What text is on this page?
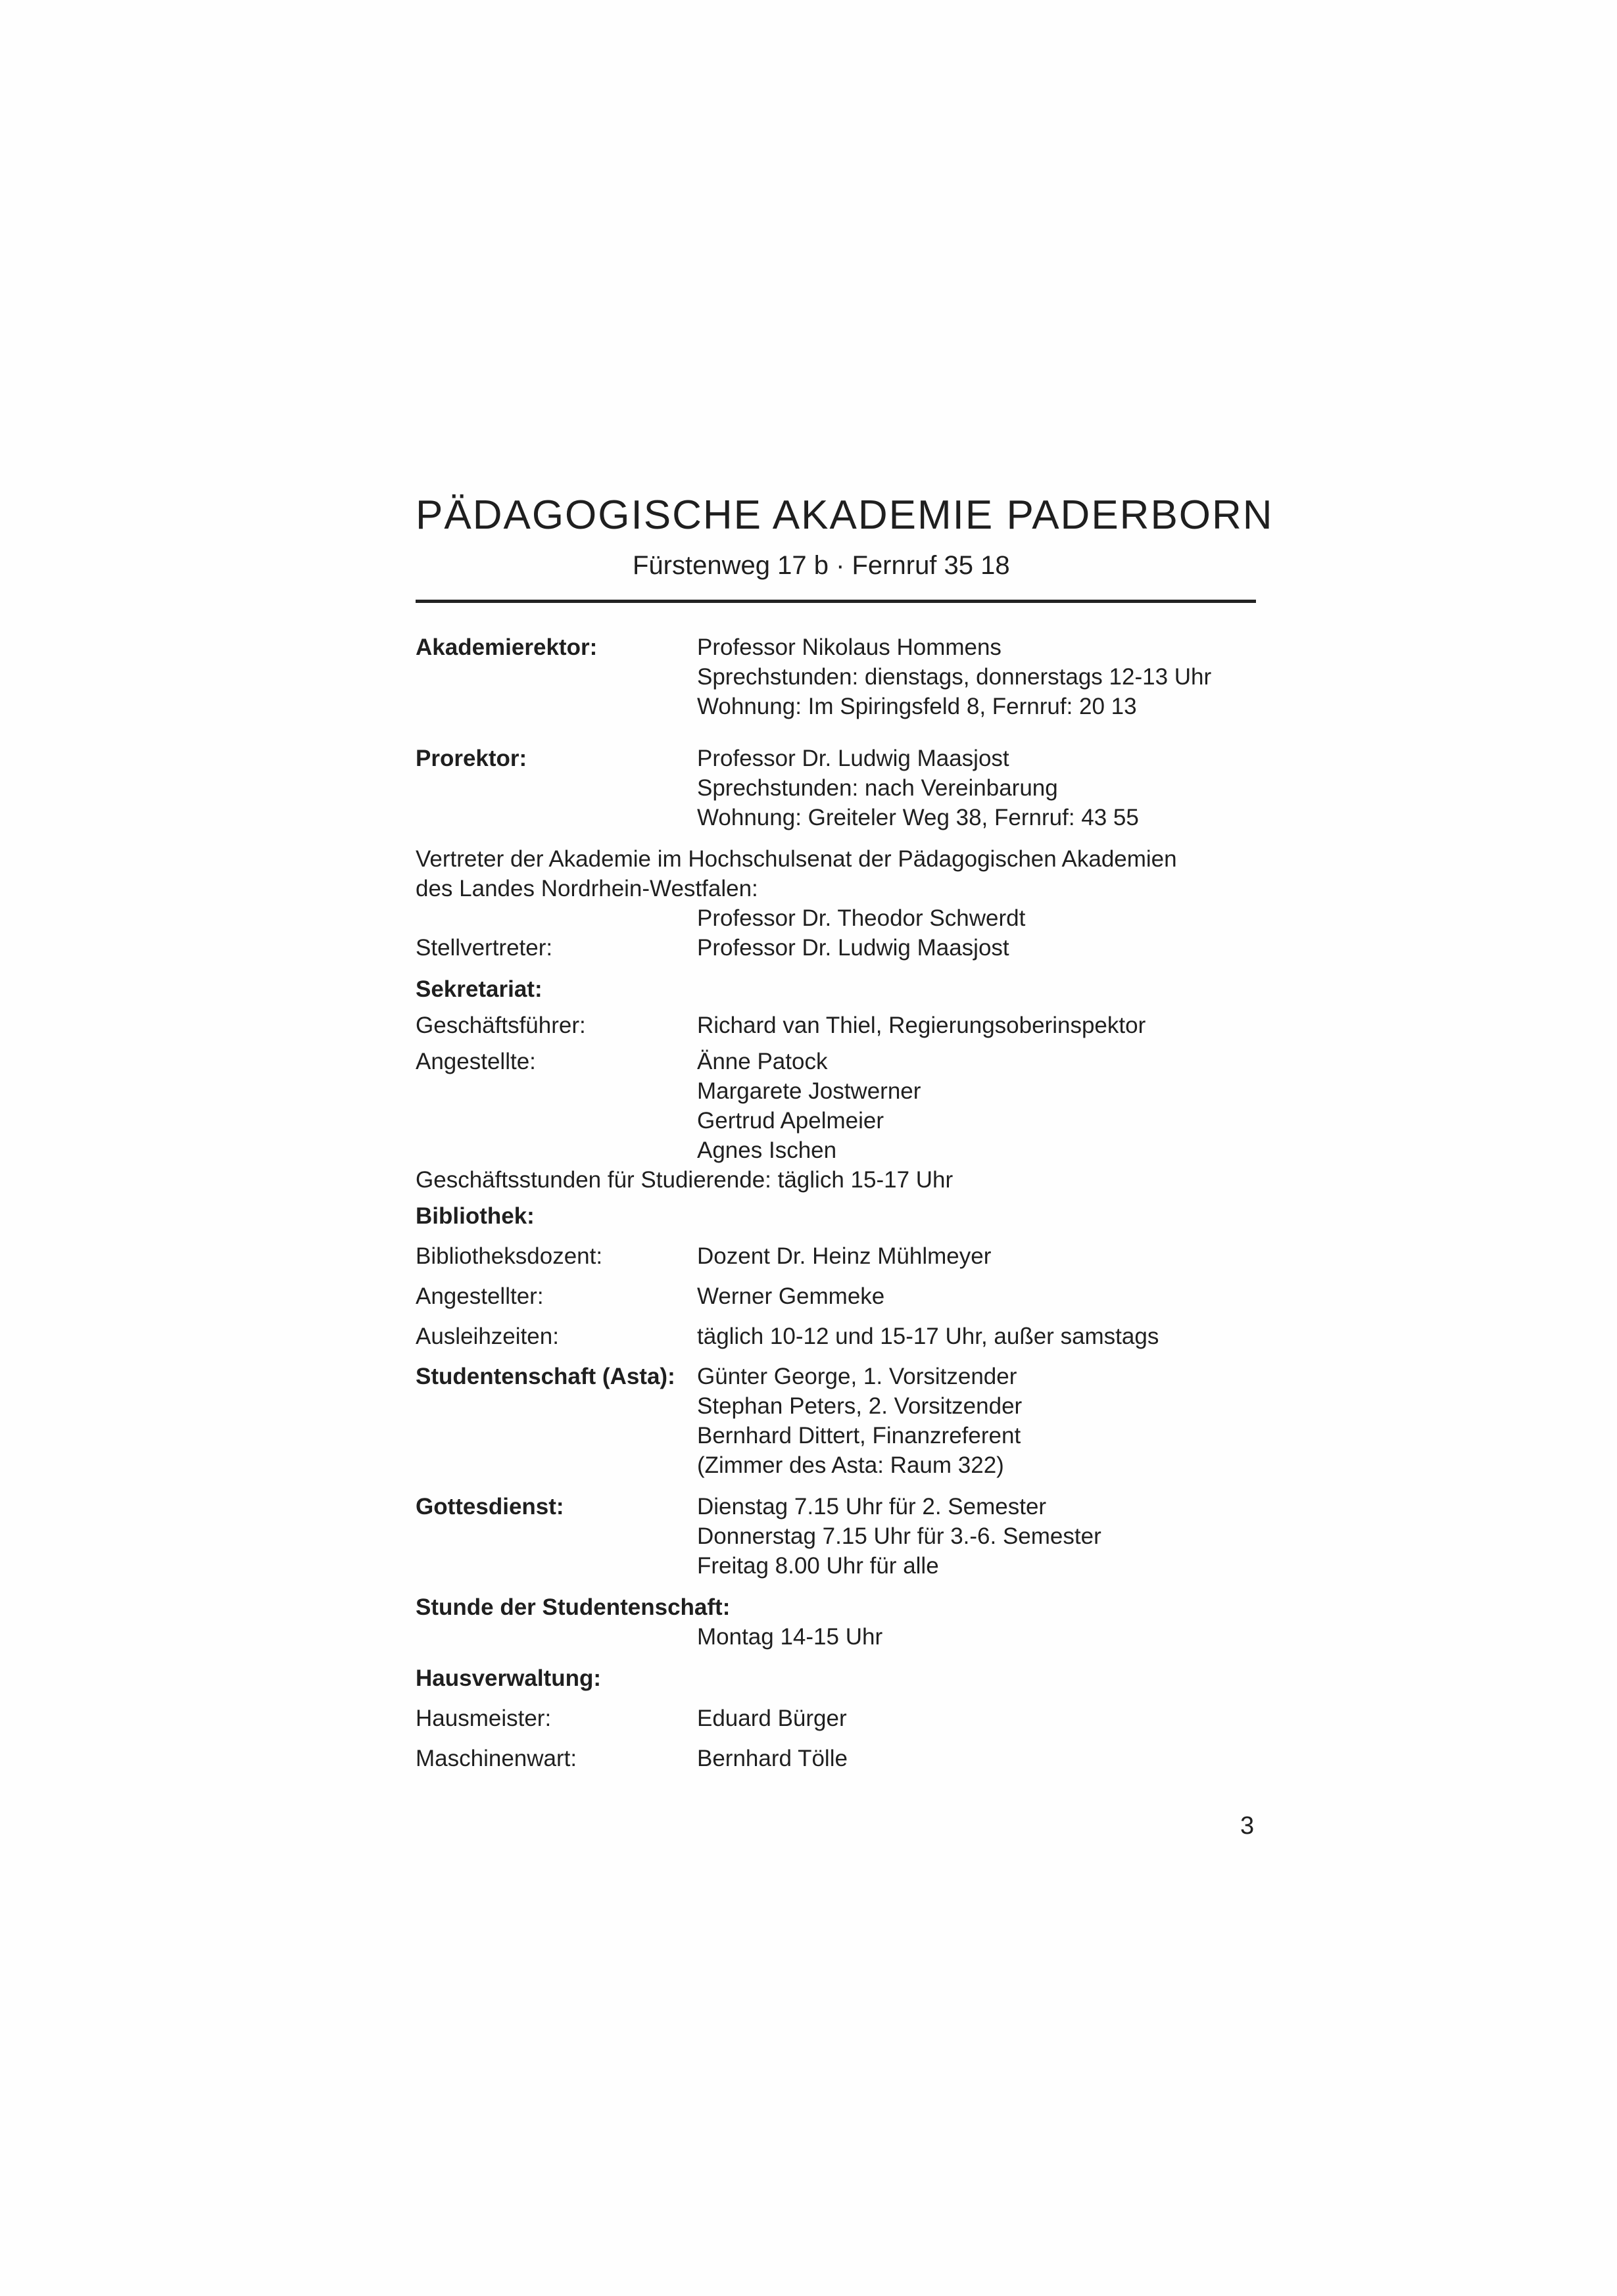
PÄDAGOGISCHE AKADEMIE PADERBORN
Fürstenweg 17 b · Fernruf 35 18
Akademierektor:	Professor Nikolaus Hommens
Sprechstunden: dienstags, donnerstags 12-13 Uhr
Wohnung: Im Spiringsfeld 8, Fernruf: 20 13
Prorektor:	Professor Dr. Ludwig Maasjost
Sprechstunden: nach Vereinbarung
Wohnung: Greiteler Weg 38, Fernruf: 43 55
Vertreter der Akademie im Hochschulsenat der Pädagogischen Akademien
des Landes Nordrhein-Westfalen:
Professor Dr. Theodor Schwerdt
Stellvertreter:	Professor Dr. Ludwig Maasjost
Sekretariat:
Geschäftsführer:	Richard van Thiel, Regierungsoberinspektor
Angestellte:	Änne Patock
Margarete Jostwerner
Gertrud Apelmeier
Agnes Ischen
Geschäftsstunden für Studierende: täglich 15-17 Uhr
Bibliothek:
Bibliotheksdozent:	Dozent Dr. Heinz Mühlmeyer
Angestellter:	Werner Gemmeke
Ausleihzeiten:	täglich 10-12 und 15-17 Uhr, außer samstags
Studentenschaft (Asta): Günter George, 1. Vorsitzender
Stephan Peters, 2. Vorsitzender
Bernhard Dittert, Finanzreferent
(Zimmer des Asta: Raum 322)
Gottesdienst:	Dienstag 7.15 Uhr für 2. Semester
Donnerstag 7.15 Uhr für 3.-6. Semester
Freitag 8.00 Uhr für alle
Stunde der Studentenschaft:
Montag 14-15 Uhr
Hausverwaltung:
Hausmeister:	Eduard Bürger
Maschinenwart:	Bernhard Tölle
3
